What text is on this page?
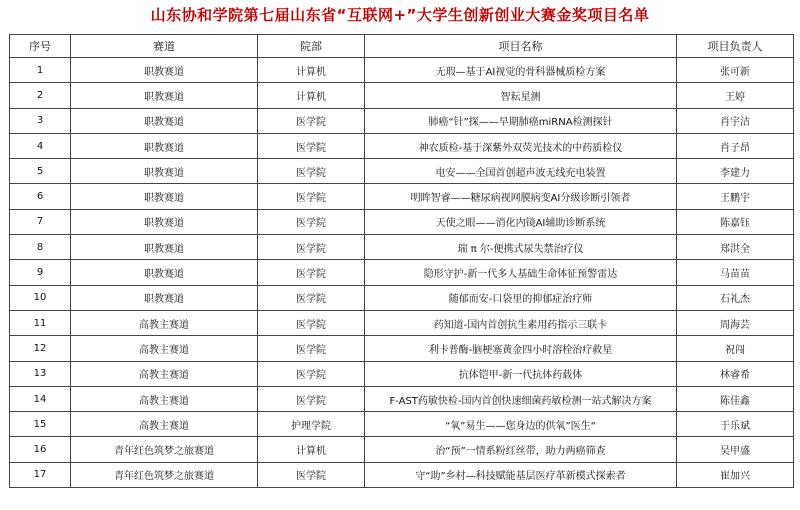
山东协和学院第七届山东省“互联网+”大学生创新创业大赛金奖项目名单
序号	赛道	院部	项目名称	项目负责人
1	职教赛道	计算机	无瑕—基于AI视觉的骨科器械质检方案	张可新
2	职教赛道	计算机	智耘星测	王婷
3	职教赛道	医学院	肺癌“针”探——早期肺癌miRNA检测探针	肖宇洁
4	职教赛道	医学院	神农质检-基于深紫外双荧光技术的中药质检仪	肖子昂
5	职教赛道	医学院	电安——全国首创超声波无线充电装置	李建力
6	职教赛道	医学院	明眸智睿——糖尿病视网膜病变AI分级诊断引领者	王鹏宇
7	职教赛道	医学院	天使之眼——消化内镜AI辅助诊断系统	陈嘉钰
8	职教赛道	医学院	瑞 π 尔-便携式尿失禁治疗仪	郑洪全
9	职教赛道	医学院	隐形守护-新一代多人基础生命体征预警雷达	马苗苗
10	职教赛道	医学院	随郁而安-口袋里的抑郁症治疗师	石礼杰
11	高教主赛道	医学院	药知道-国内首创抗生素用药指示三联卡	周海芸
12	高教主赛道	医学院	利卡普酶-脑梗塞黄金四小时溶栓治疗救星	祝闯
13	高教主赛道	医学院	抗体铠甲-新一代抗体药载体	林睿希
14	高教主赛道	医学院	F-AST药敏快检-国内首创快速细菌药敏检测一站式解决方案	陈佳鑫
15	高教主赛道	护理学院	“氧”易生——您身边的供氧”医生“	于乐斌
16	青年红色筑梦之旅赛道	计算机	治“预”一情系粉红丝带，助力两癌筛查	吴甲盛
17	青年红色筑梦之旅赛道	医学院	守“助”乡村—科技赋能基层医疗革新模式探索者	崔加兴
